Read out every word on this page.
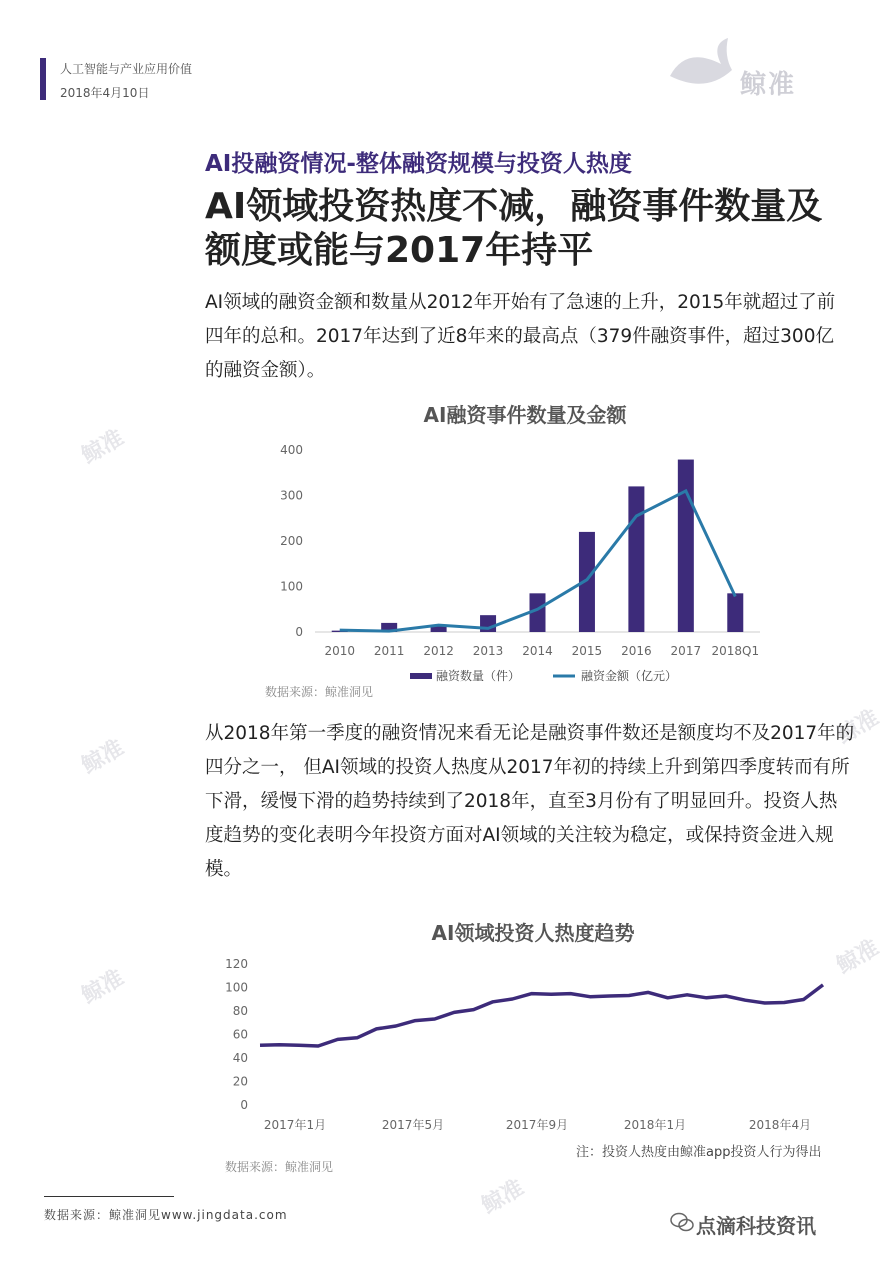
人工智能与产业应用价值
2018年4月10日	鲸准
鲸准
鲸准
鲸准
鲸准
鲸准
鲸准
AI投融资情况-整体融资规模与投资人热度
AI领域投资热度不减，融资事件数量及额度或能与2017年持平
AI领域的融资金额和数量从2012年开始有了急速的上升，2015年就超过了前四年的总和。2017年达到了近8年来的最高点（379件融资事件，超过300亿的融资金额）。
AI融资事件数量及金额
0
100
200
300
400
2010 2011 2012 2013 2014 2015 2016 2017 2018Q1
融资数量（件）	融资金额（亿元）
数据来源：鲸准洞见
从2018年第一季度的融资情况来看无论是融资事件数还是额度均不及2017年的四分之一， 但AI领域的投资人热度从2017年初的持续上升到第四季度转而有所下滑，缓慢下滑的趋势持续到了2018年，直至3月份有了明显回升。投资人热度趋势的变化表明今年投资方面对AI领域的关注较为稳定，或保持资金进入规模。
AI领域投资人热度趋势
0
20
40
60
80
100
120
2017年1月	2017年5月	2017年9月	2018年1月	2018年4月
注：投资人热度由鲸准app投资人行为得出
数据来源：鲸准洞见
数据来源：鲸准洞见www.jingdata.com	点滴科技资讯
